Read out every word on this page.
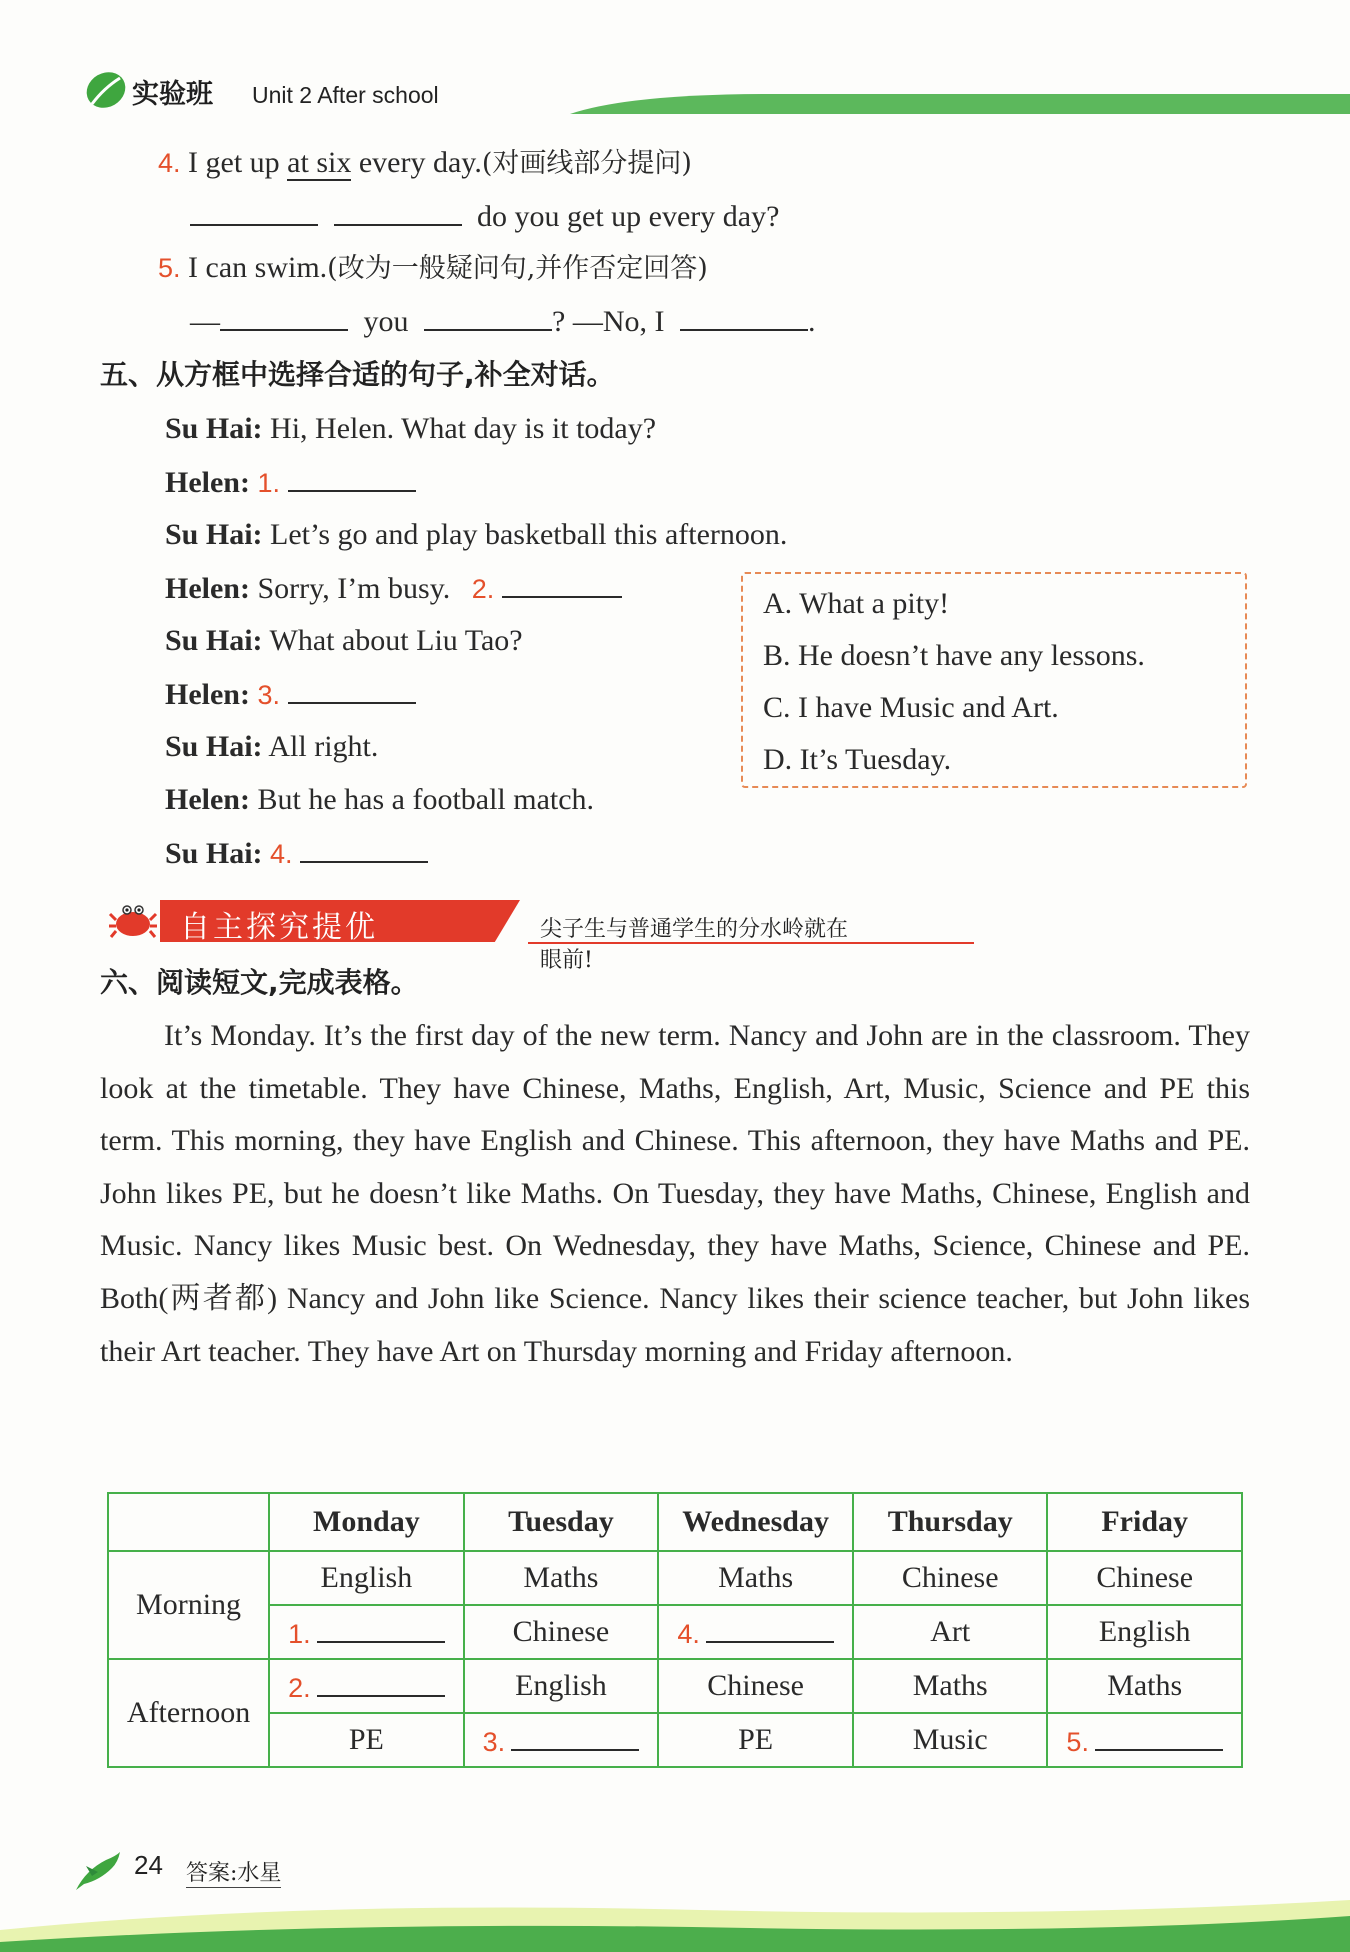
实验班 Unit 2 After school
4. I get up at six every day.(对画线部分提问)
do you get up every day?
5. I can swim.(改为一般疑问句,并作否定回答)
—	you	? —No, I	.
五、从方框中选择合适的句子,补全对话。
Su Hai: Hi, Helen. What day is it today?
Helen: 1.
Su Hai: Let’s go and play basketball this afternoon.
Helen: Sorry, I’m busy. 2.
Su Hai: What about Liu Tao?
Helen: 3.
Su Hai: All right.
Helen: But he has a football match.
Su Hai: 4.
A. What a pity!
B. He doesn’t have any lessons.
C. I have Music and Art.
D. It’s Tuesday.
自主探究提优	尖子生与普通学生的分水岭就在眼前!
六、阅读短文,完成表格。
It’s Monday. It’s the first day of the new term. Nancy and John are in the classroom. They look at the timetable. They have Chinese, Maths, English, Art, Music, Science and PE this term. This morning, they have English and Chinese. This afternoon, they have Maths and PE. John likes PE, but he doesn’t like Maths. On Tuesday, they have Maths, Chinese, English and Music. Nancy likes Music best. On Wednesday, they have Maths, Science, Chinese and PE. Both(两者都) Nancy and John like Science. Nancy likes their science teacher, but John likes their Art teacher. They have Art on Thursday morning and Friday afternoon.
	Monday	Tuesday	Wednesday	Thursday	Friday
Morning	English	Maths	Maths	Chinese	Chinese
	1.	Chinese	4.	Art	English
Afternoon	2.	English	Chinese	Maths	Maths
	PE	3.	PE	Music	5.
24 答案:水星
